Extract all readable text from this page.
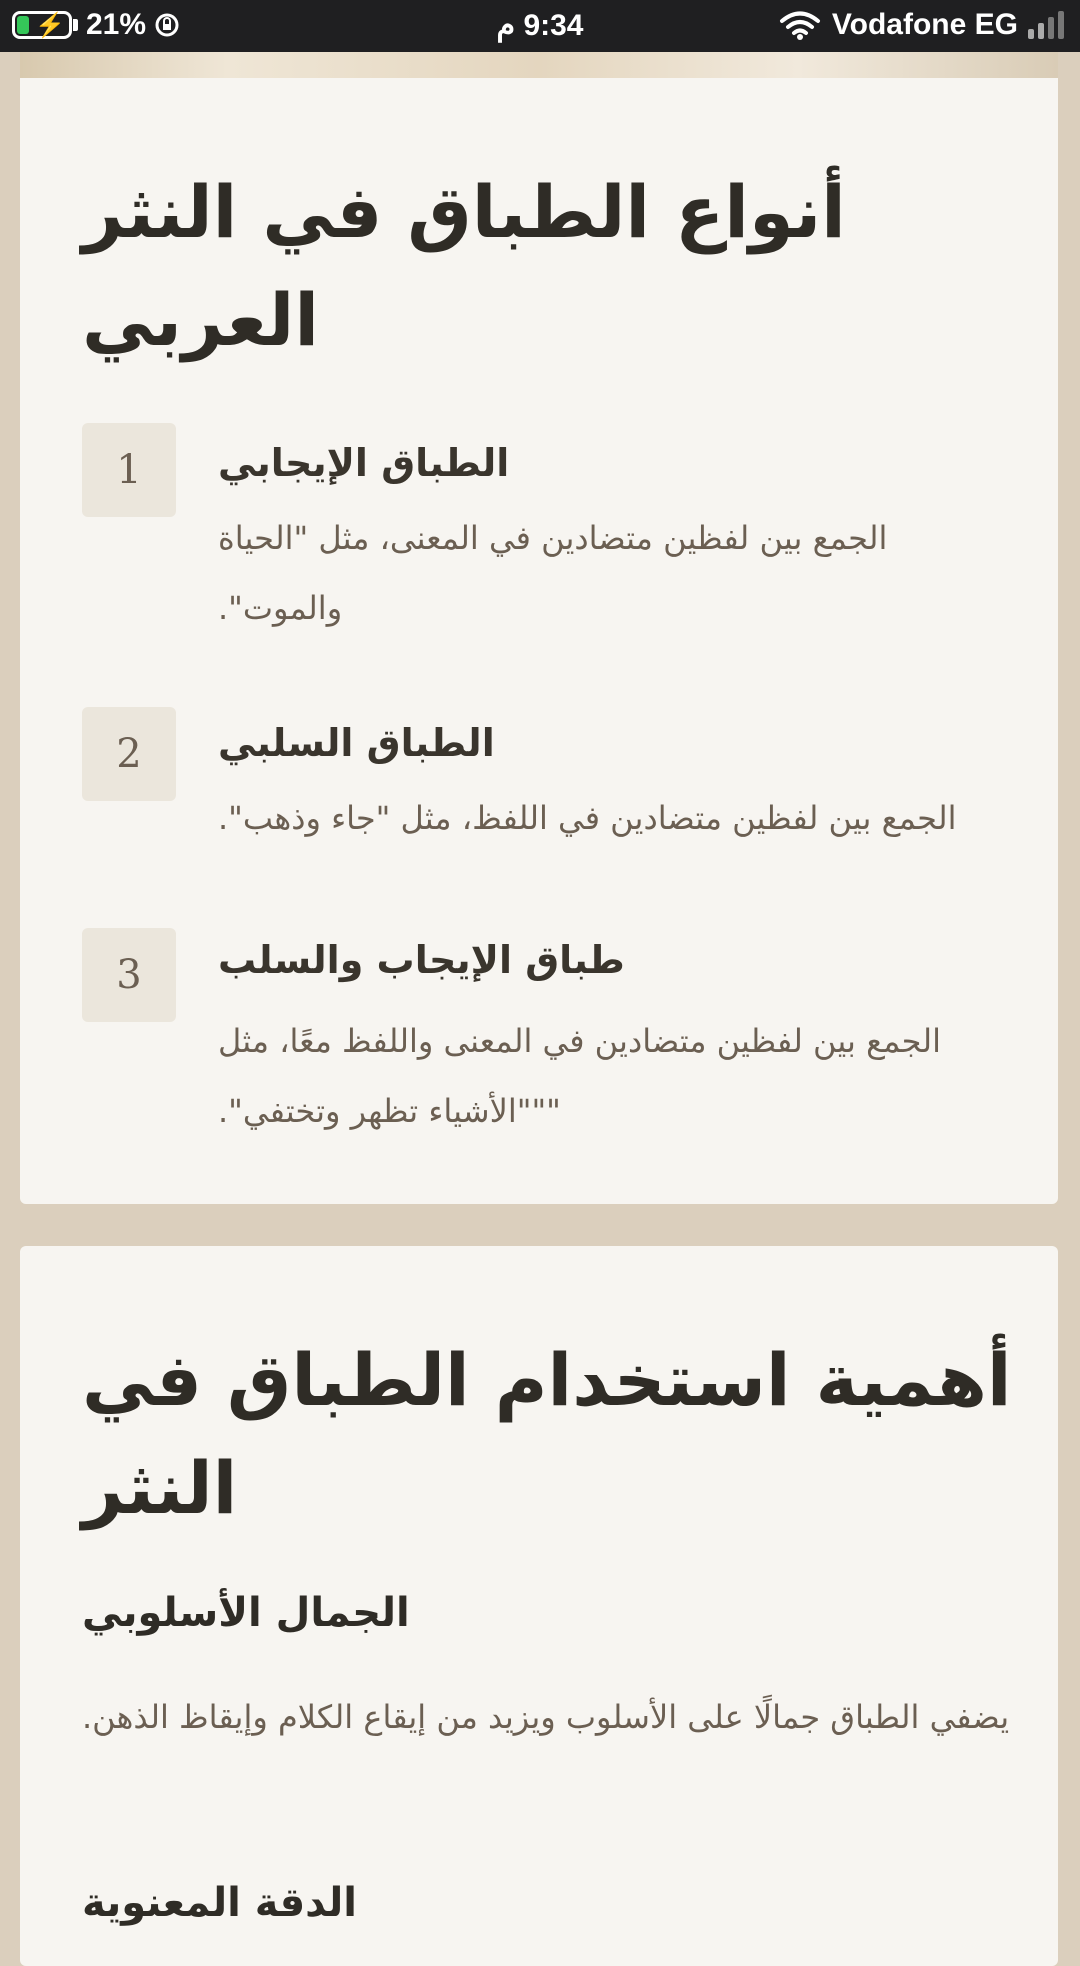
⚡ 21%	9:34 م	Vodafone EG
أنواع الطباق في النثر العربي
1	الطباق الإيجابي
الجمع بين لفظين متضادين في المعنى، مثل "الحياة والموت".
2	الطباق السلبي
الجمع بين لفظين متضادين في اللفظ، مثل "جاء وذهب".
3	طباق الإيجاب والسلب
الجمع بين لفظين متضادين في المعنى واللفظ معًا، مثل """الأشياء تظهر وتختفي".
أهمية استخدام الطباق في النثر
الجمال الأسلوبي
يضفي الطباق جمالًا على الأسلوب ويزيد من إيقاع الكلام وإيقاظ الذهن.
الدقة المعنوية
